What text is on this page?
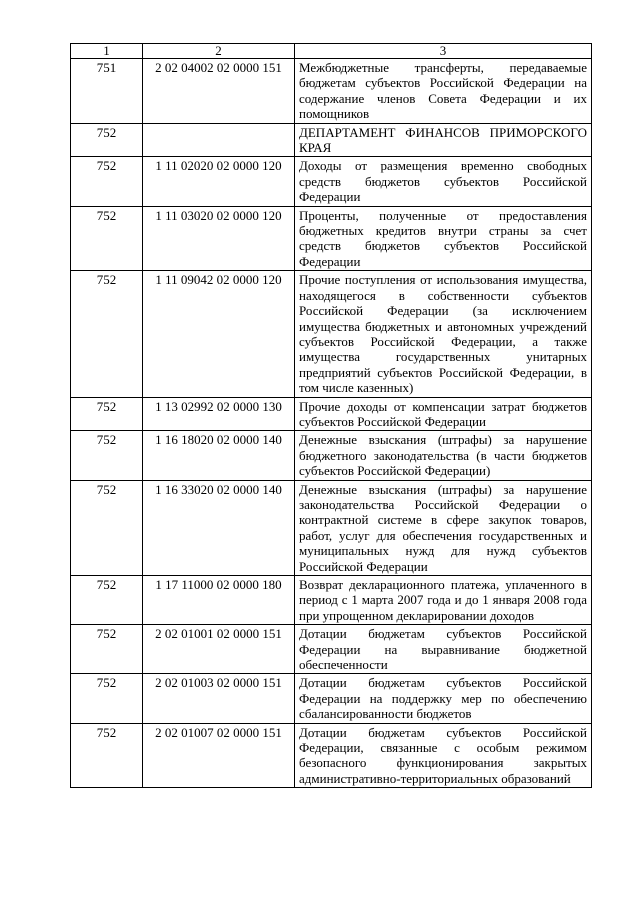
1	2	3
751	2 02 04002 02 0000 151	Межбюджетные трансферты, передаваемые бюджетам субъектов Российской Федерации на содержание членов Совета Федерации и их помощников
752		ДЕПАРТАМЕНТ ФИНАНСОВ ПРИМОРСКОГО КРАЯ
752	1 11 02020 02 0000 120	Доходы от размещения временно свободных средств бюджетов субъектов Российской Федерации
752	1 11 03020 02 0000 120	Проценты, полученные от предоставления бюджетных кредитов внутри страны за счет средств бюджетов субъектов Российской Федерации
752	1 11 09042 02 0000 120	Прочие поступления от использования имущества, находящегося в собственности субъектов Российской Федерации (за исключением имущества бюджетных и автономных учреждений субъектов Российской Федерации, а также имущества государственных унитарных предприятий субъектов Российской Федерации, в том числе казенных)
752	1 13 02992 02 0000 130	Прочие доходы от компенсации затрат бюджетов субъектов Российской Федерации
752	1 16 18020 02 0000 140	Денежные взыскания (штрафы) за нарушение бюджетного законодательства (в части бюджетов субъектов Российской Федерации)
752	1 16 33020 02 0000 140	Денежные взыскания (штрафы) за нарушение законодательства Российской Федерации о контрактной системе в сфере закупок товаров, работ, услуг для обеспечения государственных и муниципальных нужд для нужд субъектов Российской Федерации
752	1 17 11000 02 0000 180	Возврат декларационного платежа, уплаченного в период с 1 марта 2007 года и до 1 января 2008 года при упрощенном декларировании доходов
752	2 02 01001 02 0000 151	Дотации бюджетам субъектов Российской Федерации на выравнивание бюджетной обеспеченности
752	2 02 01003 02 0000 151	Дотации бюджетам субъектов Российской Федерации на поддержку мер по обеспечению сбалансированности бюджетов
752	2 02 01007 02 0000 151	Дотации бюджетам субъектов Российской Федерации, связанные с особым режимом безопасного функционирования закрытых административно-территориальных образований
